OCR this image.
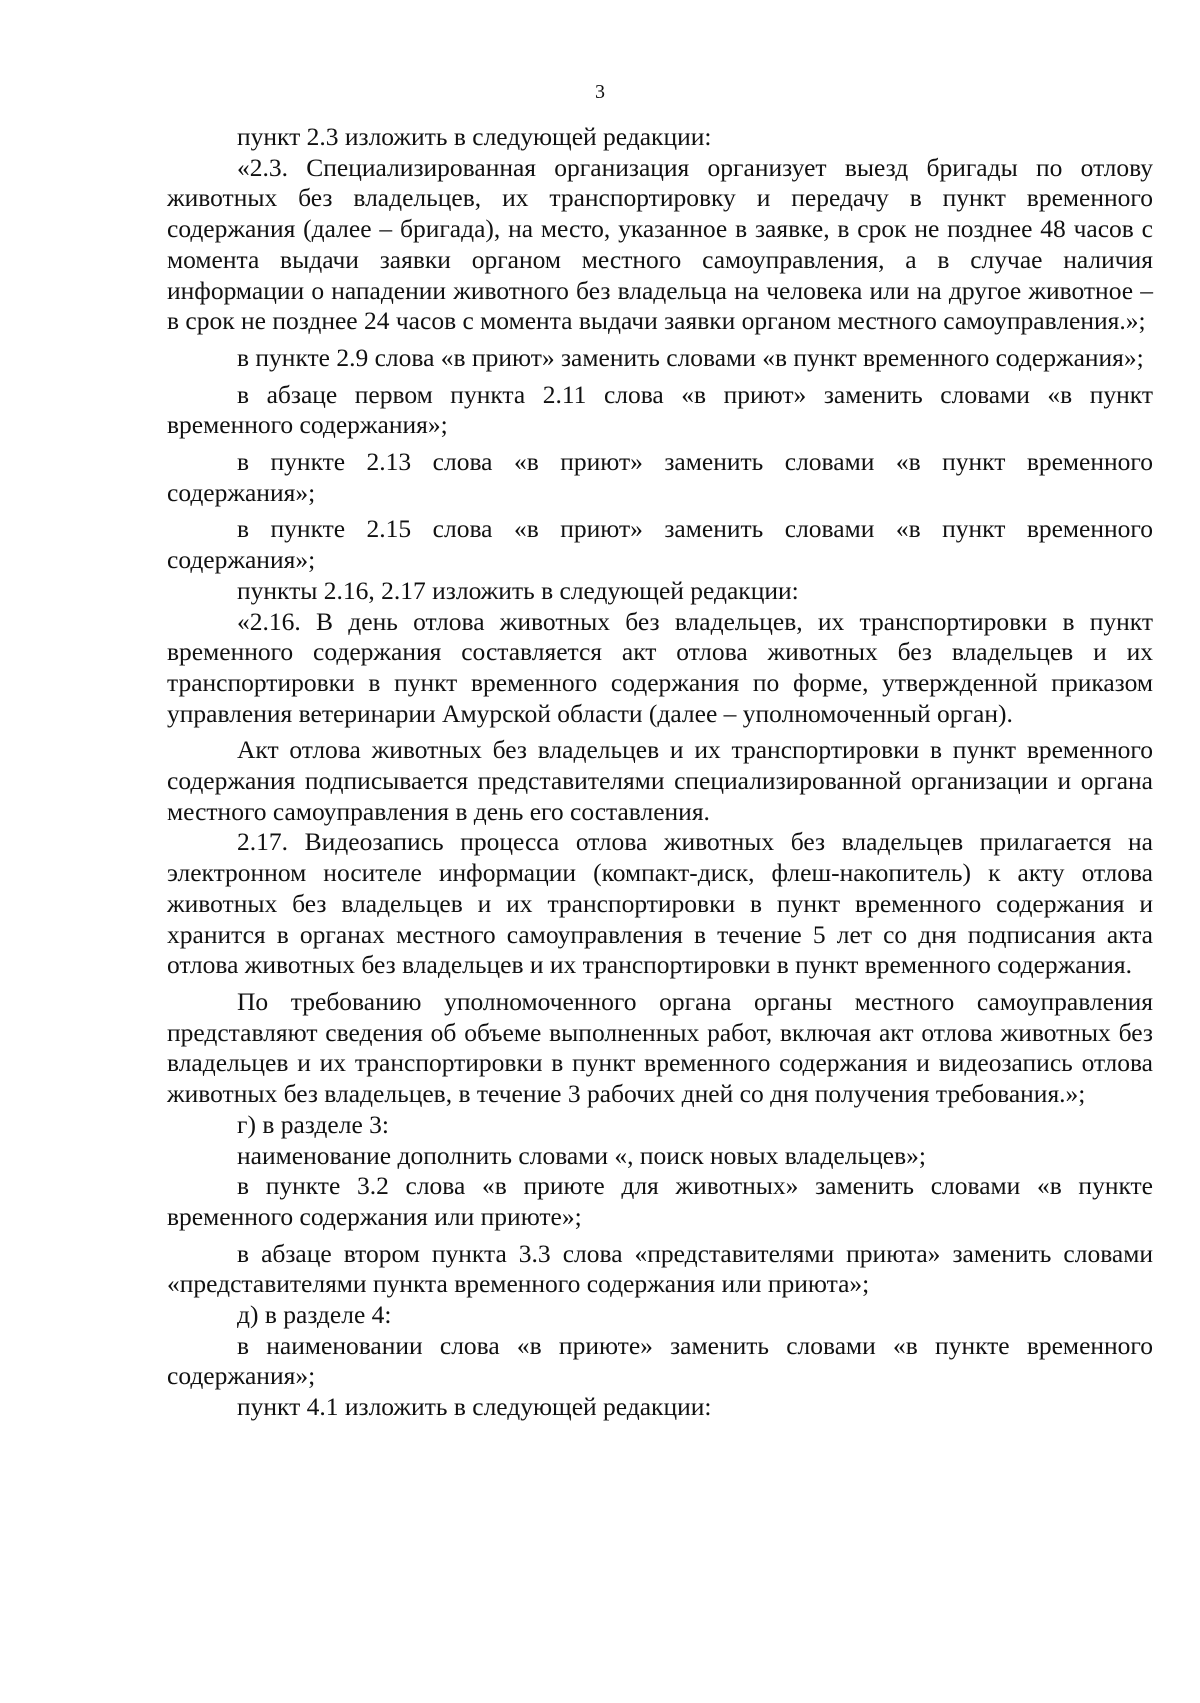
3

пункт 2.3 изложить в следующей редакции:

«2.3. Специализированная организация организует выезд бригады по отлову животных без владельцев, их транспортировку и передачу в пункт временного содержания (далее – бригада), на место, указанное в заявке, в срок не позднее 48 часов с момента выдачи заявки органом местного самоуправления, а в случае наличия информации о нападении животного без владельца на человека или на другое животное – в срок не позднее 24 часов с момента выдачи заявки органом местного самоуправления.»;

в пункте 2.9 слова «в приют» заменить словами «в пункт временного содержания»;

в абзаце первом пункта 2.11 слова «в приют» заменить словами «в пункт временного содержания»;

в пункте 2.13 слова «в приют» заменить словами «в пункт временного содержания»;

в пункте 2.15 слова «в приют» заменить словами «в пункт временного содержания»;

пункты 2.16, 2.17 изложить в следующей редакции:

«2.16. В день отлова животных без владельцев, их транспортировки в пункт временного содержания составляется акт отлова животных без владельцев и их транспортировки в пункт временного содержания по форме, утвержденной приказом управления ветеринарии Амурской области (далее – уполномоченный орган).

Акт отлова животных без владельцев и их транспортировки в пункт временного содержания подписывается представителями специализированной организации и органа местного самоуправления в день его составления.

2.17. Видеозапись процесса отлова животных без владельцев прилагается на электронном носителе информации (компакт-диск, флеш-накопитель) к акту отлова животных без владельцев и их транспортировки в пункт временного содержания и хранится в органах местного самоуправления в течение 5 лет со дня подписания акта отлова животных без владельцев и их транспортировки в пункт временного содержания.

По требованию уполномоченного органа органы местного самоуправления представляют сведения об объеме выполненных работ, включая акт отлова животных без владельцев и их транспортировки в пункт временного содержания и видеозапись отлова животных без владельцев, в течение 3 рабочих дней со дня получения требования.»;

г) в разделе 3:

наименование дополнить словами «, поиск новых владельцев»;

в пункте 3.2 слова «в приюте для животных» заменить словами «в пункте временного содержания или приюте»;

в абзаце втором пункта 3.3 слова «представителями приюта» заменить словами «представителями пункта временного содержания или приюта»;

д) в разделе 4:

в наименовании слова «в приюте» заменить словами «в пункте временного содержания»;

пункт 4.1 изложить в следующей редакции:
